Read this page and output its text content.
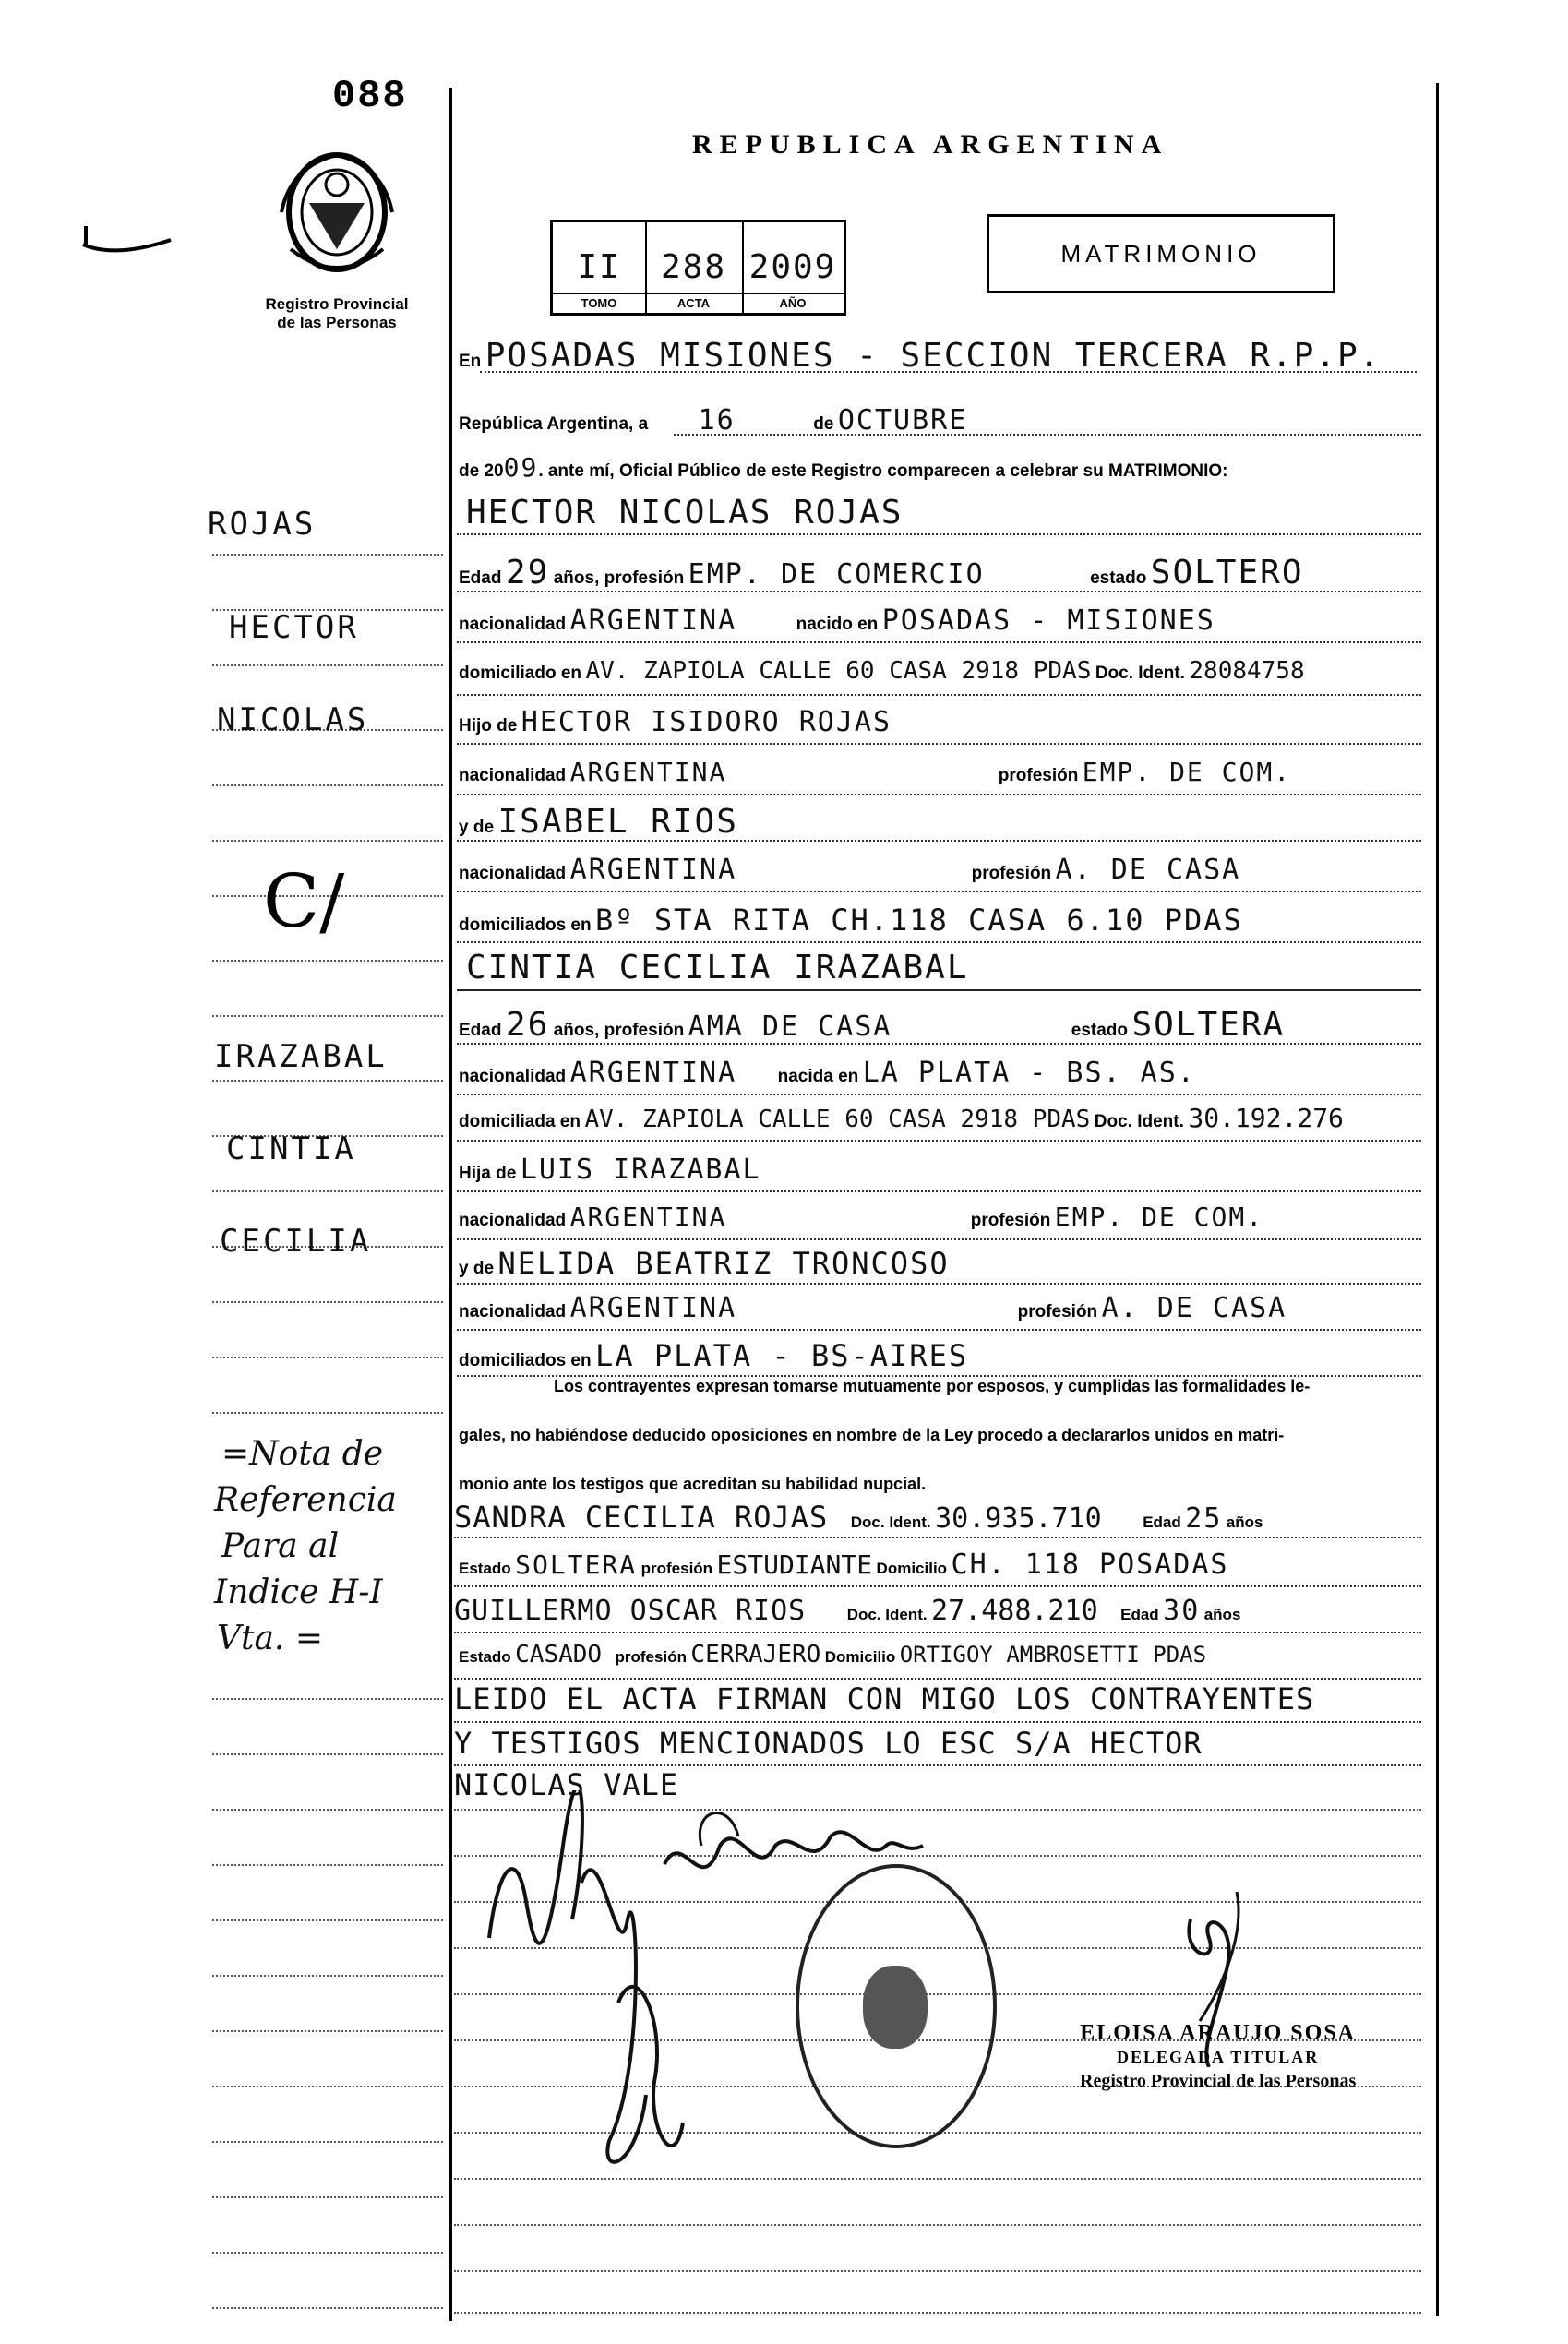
088
Registro Provincial
de las Personas
REPUBLICA ARGENTINA
II
TOMO
288
ACTA
2009
AÑO
MATRIMONIO
ROJAS
HECTOR
NICOLAS
C/
IRAZABAL
CINTIA
CECILIA
=Nota de
Referencia
Para al
Indice H-I
Vta. =
En POSADAS MISIONES - SECCION TERCERA R.P.P.
República Argentina, a 16	de OCTUBRE
de 2009. ante mí, Oficial Público de este Registro comparecen a celebrar su MATRIMONIO:
HECTOR NICOLAS ROJAS
Edad 29 años, profesión EMP. DE COMERCIO	estado SOLTERO
nacionalidad ARGENTINA	nacido en POSADAS - MISIONES
domiciliado en AV. ZAPIOLA CALLE 60 CASA 2918 PDAS Doc. Ident. 28084758
Hijo de HECTOR ISIDORO ROJAS
nacionalidad ARGENTINA	profesión EMP. DE COM.
y de ISABEL RIOS
nacionalidad ARGENTINA	profesión A. DE CASA
domiciliados en Bº STA RITA CH.118 CASA 6.10 PDAS
CINTIA CECILIA IRAZABAL
Edad 26 años, profesión AMA DE CASA	estado SOLTERA
nacionalidad ARGENTINA nacida en LA PLATA - BS. AS.
domiciliada en AV. ZAPIOLA CALLE 60 CASA 2918 PDAS Doc. Ident. 30.192.276
Hija de LUIS IRAZABAL
nacionalidad ARGENTINA	profesión EMP. DE COM.
y de NELIDA BEATRIZ TRONCOSO
nacionalidad ARGENTINA	profesión A. DE CASA
domiciliados en LA PLATA - BS-AIRES
Los contrayentes expresan tomarse mutuamente por esposos, y cumplidas las formalidades le-
gales, no habiéndose deducido oposiciones en nombre de la Ley procedo a declararlos unidos en matri-
monio ante los testigos que acreditan su habilidad nupcial.
SANDRA CECILIA ROJAS Doc. Ident. 30.935.710	Edad 25 años
Estado SOLTERA profesión ESTUDIANTE Domicilio CH. 118 POSADAS
GUILLERMO OSCAR RIOS	Doc. Ident. 27.488.210 Edad 30 años
Estado CASADO profesión CERRAJERO Domicilio ORTIGOY AMBROSETTI PDAS
LEIDO EL ACTA FIRMAN CON MIGO LOS CONTRAYENTES
Y TESTIGOS MENCIONADOS LO ESC S/A HECTOR
NICOLAS VALE
ELOISA ARAUJO SOSA
DELEGADA TITULAR
Registro Provincial de las Personas
